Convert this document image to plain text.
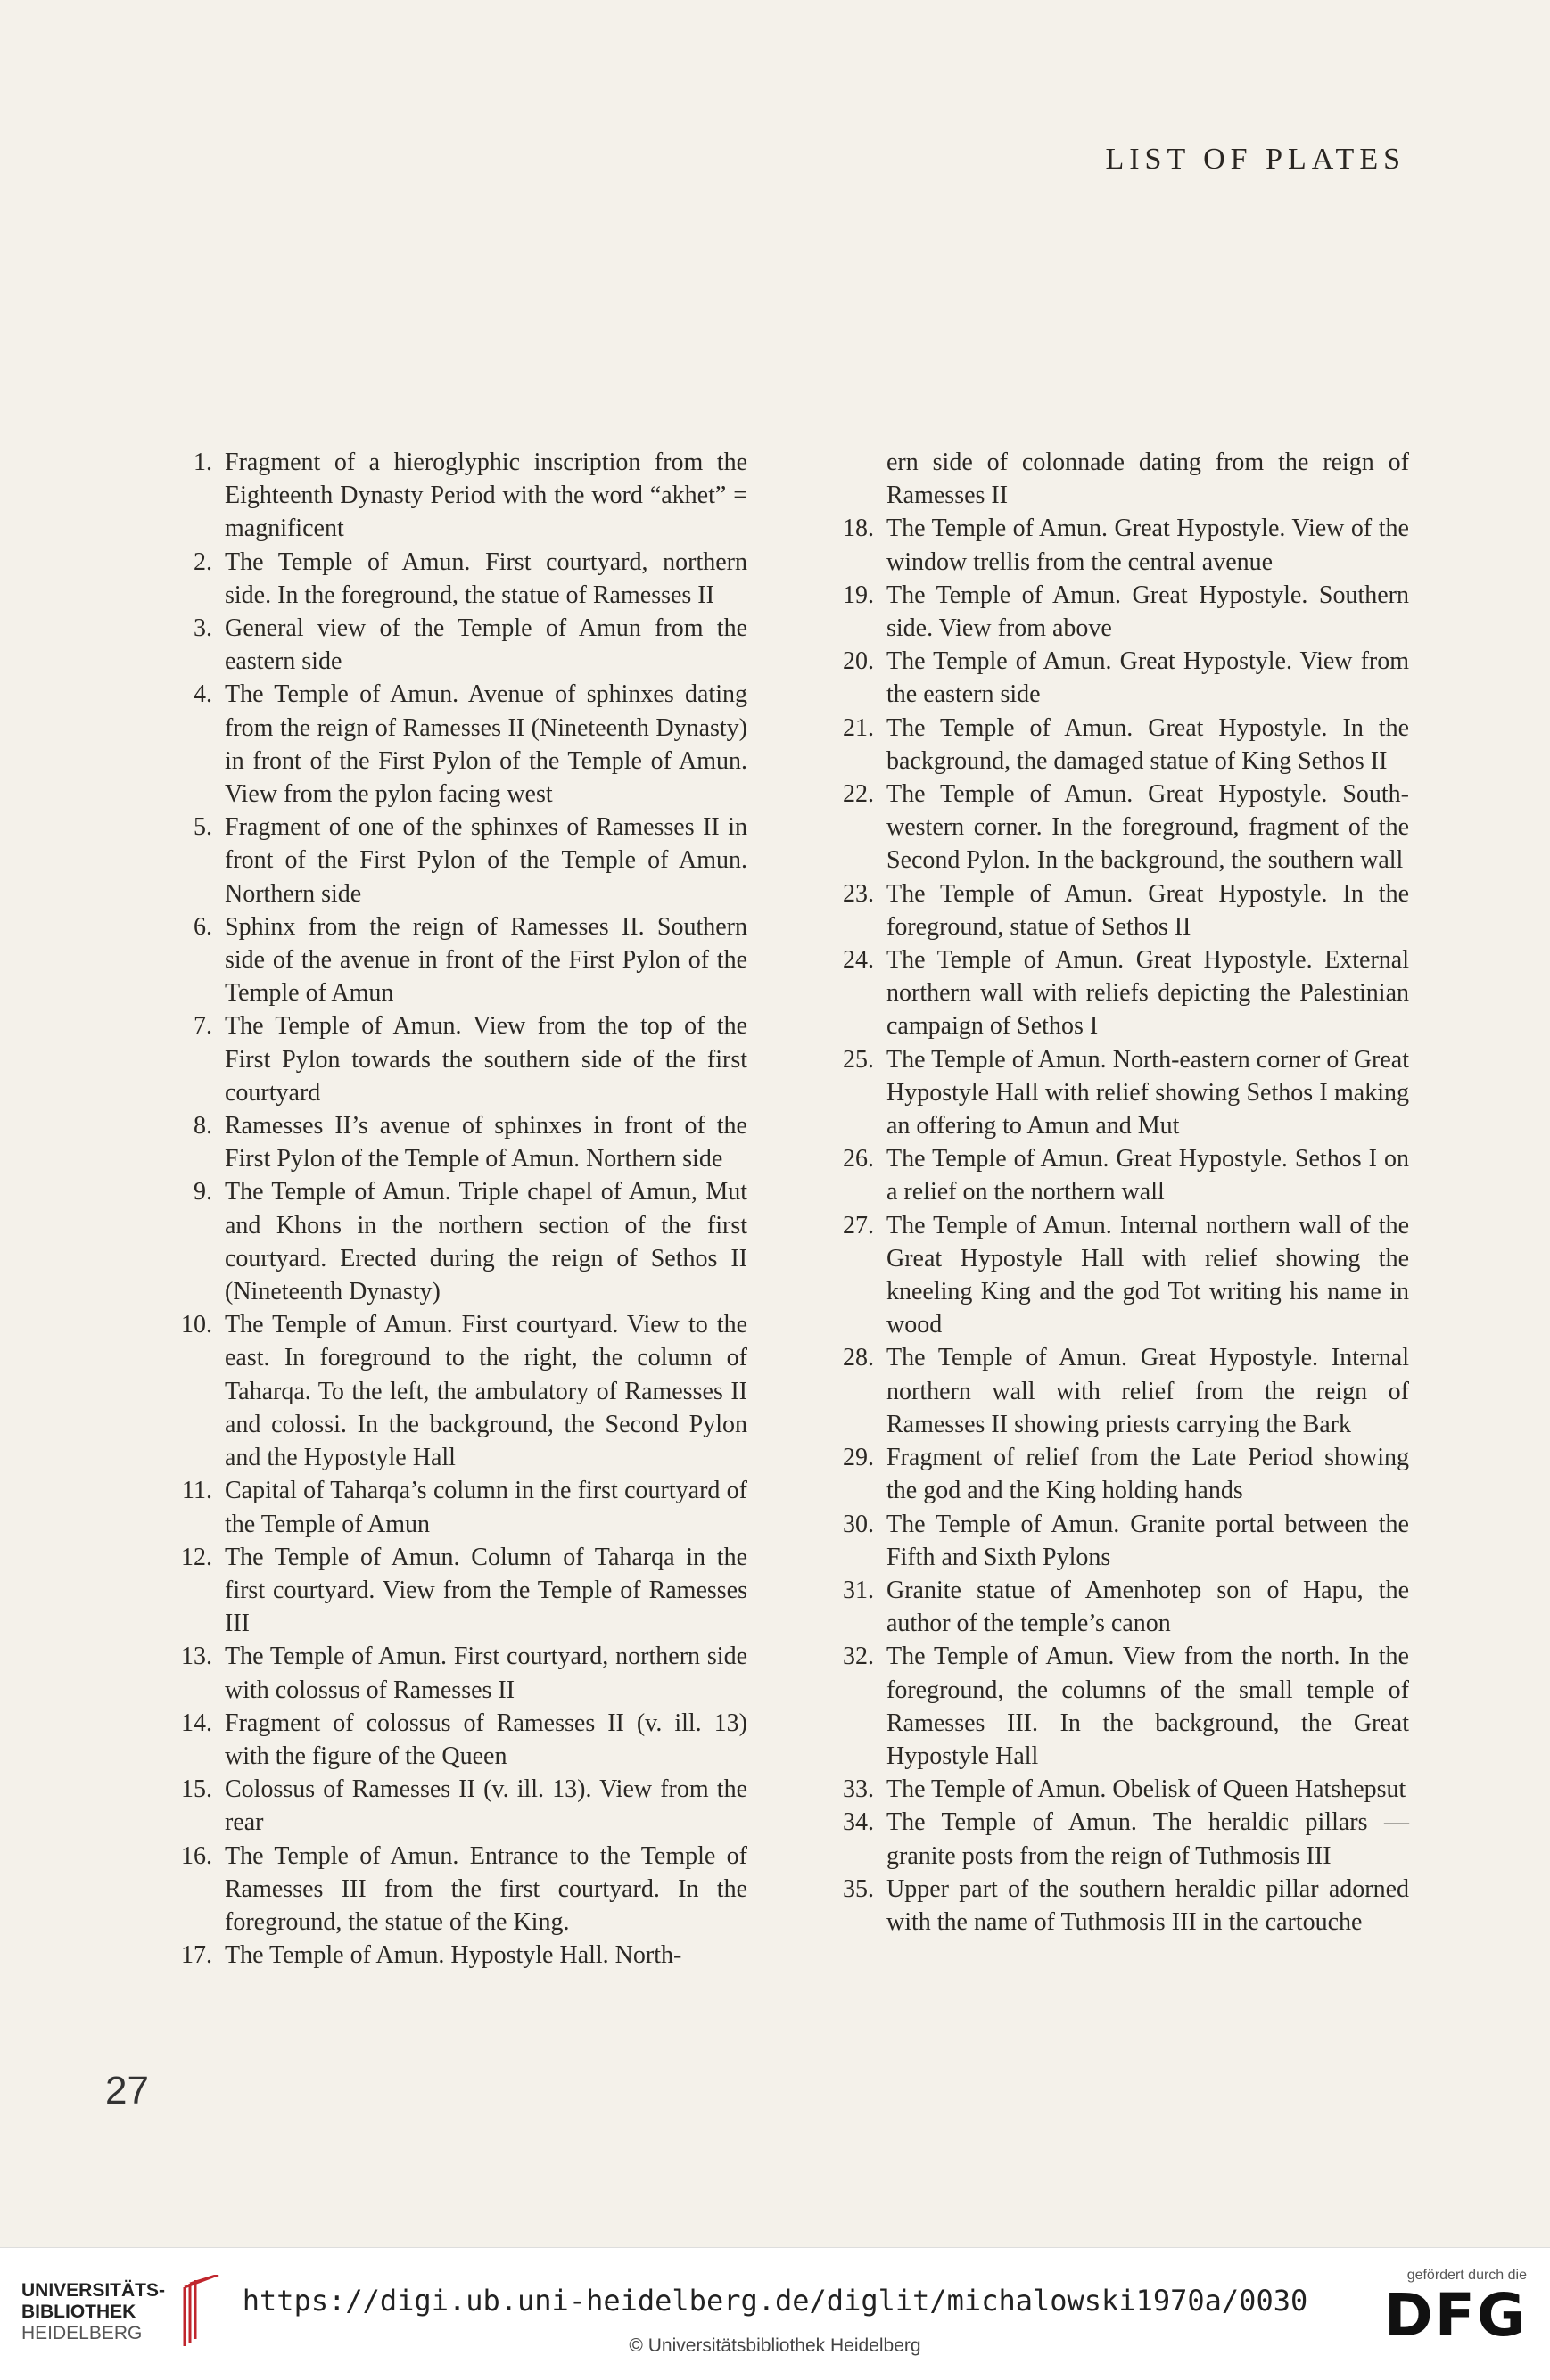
LIST OF PLATES
1. Fragment of a hieroglyphic inscription from the Eighteenth Dynasty Period with the word “akhet” = magnificent
2. The Temple of Amun. First courtyard, northern side. In the foreground, the statue of Ramesses II
3. General view of the Temple of Amun from the eastern side
4. The Temple of Amun. Avenue of sphinxes dating from the reign of Ramesses II (Nineteenth Dynasty) in front of the First Pylon of the Temple of Amun. View from the pylon facing west
5. Fragment of one of the sphinxes of Ramesses II in front of the First Pylon of the Temple of Amun. Northern side
6. Sphinx from the reign of Ramesses II. Southern side of the avenue in front of the First Pylon of the Temple of Amun
7. The Temple of Amun. View from the top of the First Pylon towards the southern side of the first courtyard
8. Ramesses II’s avenue of sphinxes in front of the First Pylon of the Temple of Amun. Northern side
9. The Temple of Amun. Triple chapel of Amun, Mut and Khons in the northern section of the first courtyard. Erected during the reign of Sethos II (Nineteenth Dynasty)
10. The Temple of Amun. First courtyard. View to the east. In foreground to the right, the column of Taharqa. To the left, the ambulatory of Ramesses II and colossi. In the background, the Second Pylon and the Hypostyle Hall
11. Capital of Taharqa’s column in the first courtyard of the Temple of Amun
12. The Temple of Amun. Column of Taharqa in the first courtyard. View from the Temple of Ramesses III
13. The Temple of Amun. First courtyard, northern side with colossus of Ramesses II
14. Fragment of colossus of Ramesses II (v. ill. 13) with the figure of the Queen
15. Colossus of Ramesses II (v. ill. 13). View from the rear
16. The Temple of Amun. Entrance to the Temple of Ramesses III from the first courtyard. In the foreground, the statue of the King.
17. The Temple of Amun. Hypostyle Hall. North-
ern side of colonnade dating from the reign of Ramesses II
18. The Temple of Amun. Great Hypostyle. View of the window trellis from the central avenue
19. The Temple of Amun. Great Hypostyle. Southern side. View from above
20. The Temple of Amun. Great Hypostyle. View from the eastern side
21. The Temple of Amun. Great Hypostyle. In the background, the damaged statue of King Sethos II
22. The Temple of Amun. Great Hypostyle. South-western corner. In the foreground, fragment of the Second Pylon. In the background, the southern wall
23. The Temple of Amun. Great Hypostyle. In the foreground, statue of Sethos II
24. The Temple of Amun. Great Hypostyle. External northern wall with reliefs depicting the Palestinian campaign of Sethos I
25. The Temple of Amun. North-eastern corner of Great Hypostyle Hall with relief showing Sethos I making an offering to Amun and Mut
26. The Temple of Amun. Great Hypostyle. Sethos I on a relief on the northern wall
27. The Temple of Amun. Internal northern wall of the Great Hypostyle Hall with relief showing the kneeling King and the god Tot writing his name in wood
28. The Temple of Amun. Great Hypostyle. Internal northern wall with relief from the reign of Ramesses II showing priests carrying the Bark
29. Fragment of relief from the Late Period showing the god and the King holding hands
30. The Temple of Amun. Granite portal between the Fifth and Sixth Pylons
31. Granite statue of Amenhotep son of Hapu, the author of the temple’s canon
32. The Temple of Amun. View from the north. In the foreground, the columns of the small temple of Ramesses III. In the background, the Great Hypostyle Hall
33. The Temple of Amun. Obelisk of Queen Hatshepsut
34. The Temple of Amun. The heraldic pillars — granite posts from the reign of Tuthmosis III
35. Upper part of the southern heraldic pillar adorned with the name of Tuthmosis III in the cartouche
27
UNIVERSITÄTS-
BIBLIOTHEK
HEIDELBERG
https://digi.ub.uni-heidelberg.de/diglit/michalowski1970a/0030
© Universitätsbibliothek Heidelberg
gefördert durch die
DFG
